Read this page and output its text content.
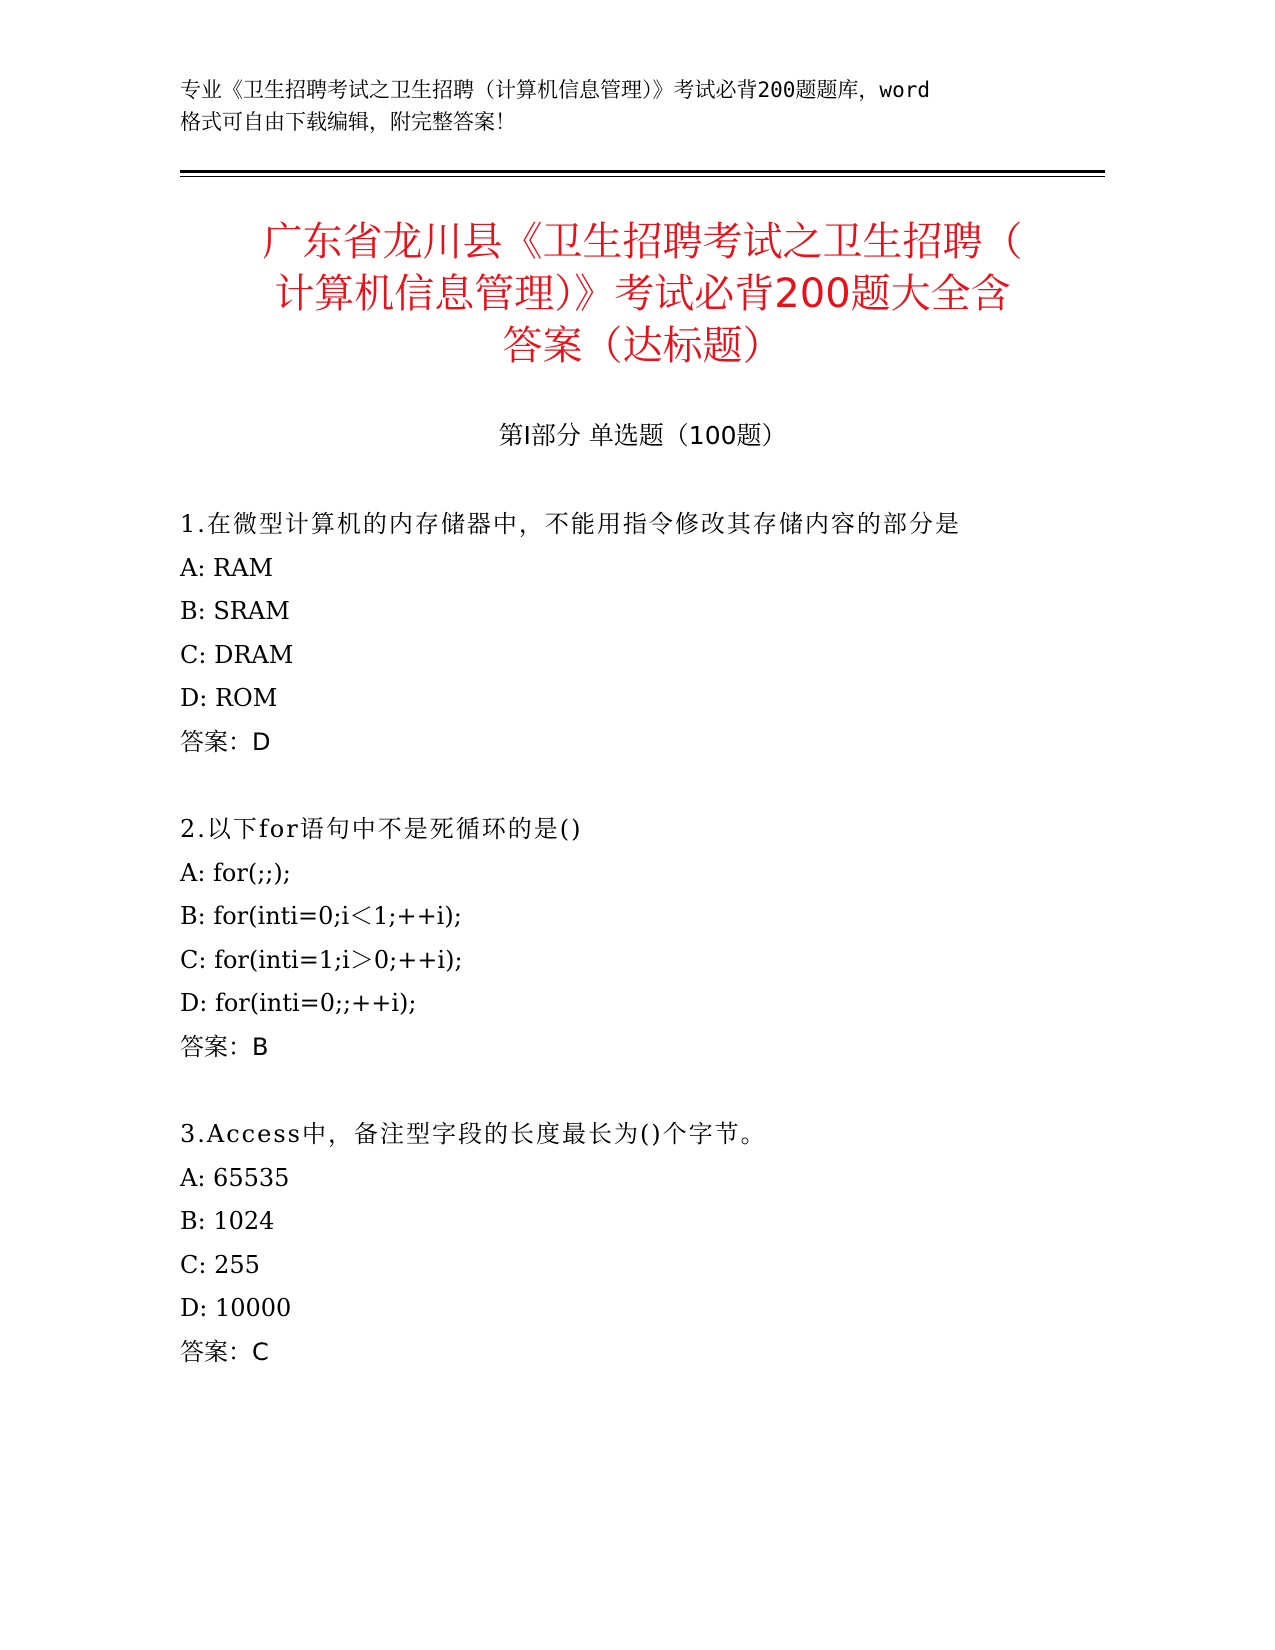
专业《卫生招聘考试之卫生招聘（计算机信息管理）》考试必背200题题库，word
格式可自由下载编辑，附完整答案！
广东省龙川县《卫生招聘考试之卫生招聘（
计算机信息管理）》考试必背200题大全含
答案（达标题）
第Ⅰ部分 单选题（100题）
1.在微型计算机的内存储器中，不能用指令修改其存储内容的部分是
A: RAM
B: SRAM
C: DRAM
D: ROM
答案：D
2.以下for语句中不是死循环的是()
A: for(;;);
B: for(inti=0;i＜1;++i);
C: for(inti=1;i＞0;++i);
D: for(inti=0;;++i);
答案：B
3.Access中，备注型字段的长度最长为()个字节。
A: 65535
B: 1024
C: 255
D: 10000
答案：C
